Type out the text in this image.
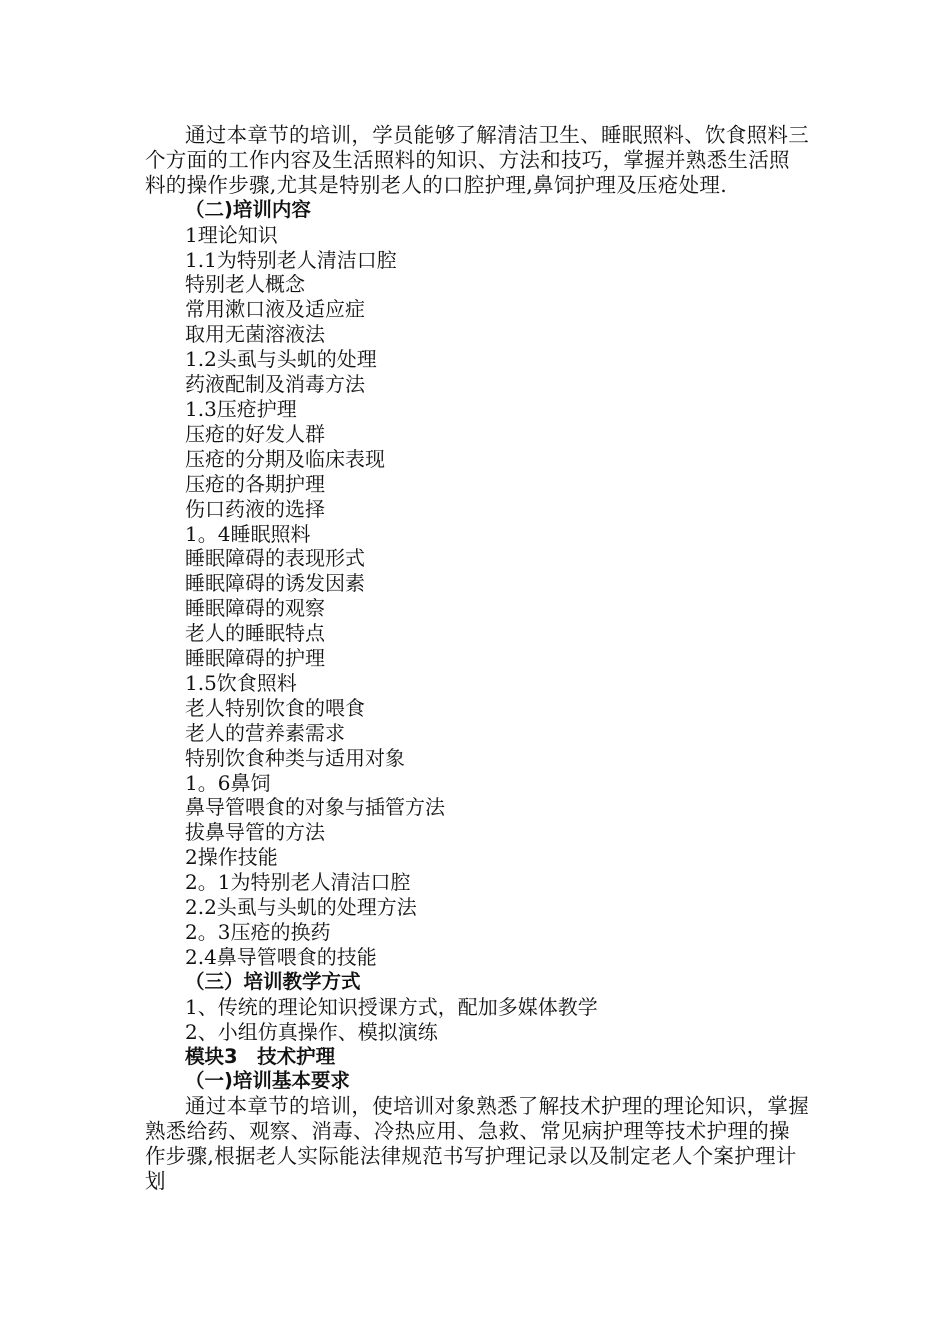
通过本章节的培训，学员能够了解清洁卫生、睡眠照料、饮食照料三个方面的工作内容及生活照料的知识、方法和技巧，掌握并熟悉生活照料的操作步骤,尤其是特别老人的口腔护理,鼻饲护理及压疮处理.

（二)培训内容

1理论知识

1.1为特别老人清洁口腔

特别老人概念

常用漱口液及适应症

取用无菌溶液法

1.2头虱与头虮的处理

药液配制及消毒方法

1.3压疮护理

压疮的好发人群

压疮的分期及临床表现

压疮的各期护理

伤口药液的选择

1。4睡眠照料

睡眠障碍的表现形式

睡眠障碍的诱发因素

睡眠障碍的观察

老人的睡眠特点

睡眠障碍的护理

1.5饮食照料

老人特别饮食的喂食

老人的营养素需求

特别饮食种类与适用对象

1。6鼻饲

鼻导管喂食的对象与插管方法

拔鼻导管的方法

2操作技能

2。1为特别老人清洁口腔

2.2头虱与头虮的处理方法

2。3压疮的换药

2.4鼻导管喂食的技能

（三）培训教学方式

1、传统的理论知识授课方式，配加多媒体教学

2、小组仿真操作、模拟演练

模块3　技术护理

（一)培训基本要求

通过本章节的培训，使培训对象熟悉了解技术护理的理论知识，掌握熟悉给药、观察、消毒、冷热应用、急救、常见病护理等技术护理的操作步骤,根据老人实际能法律规范书写护理记录以及制定老人个案护理计划
